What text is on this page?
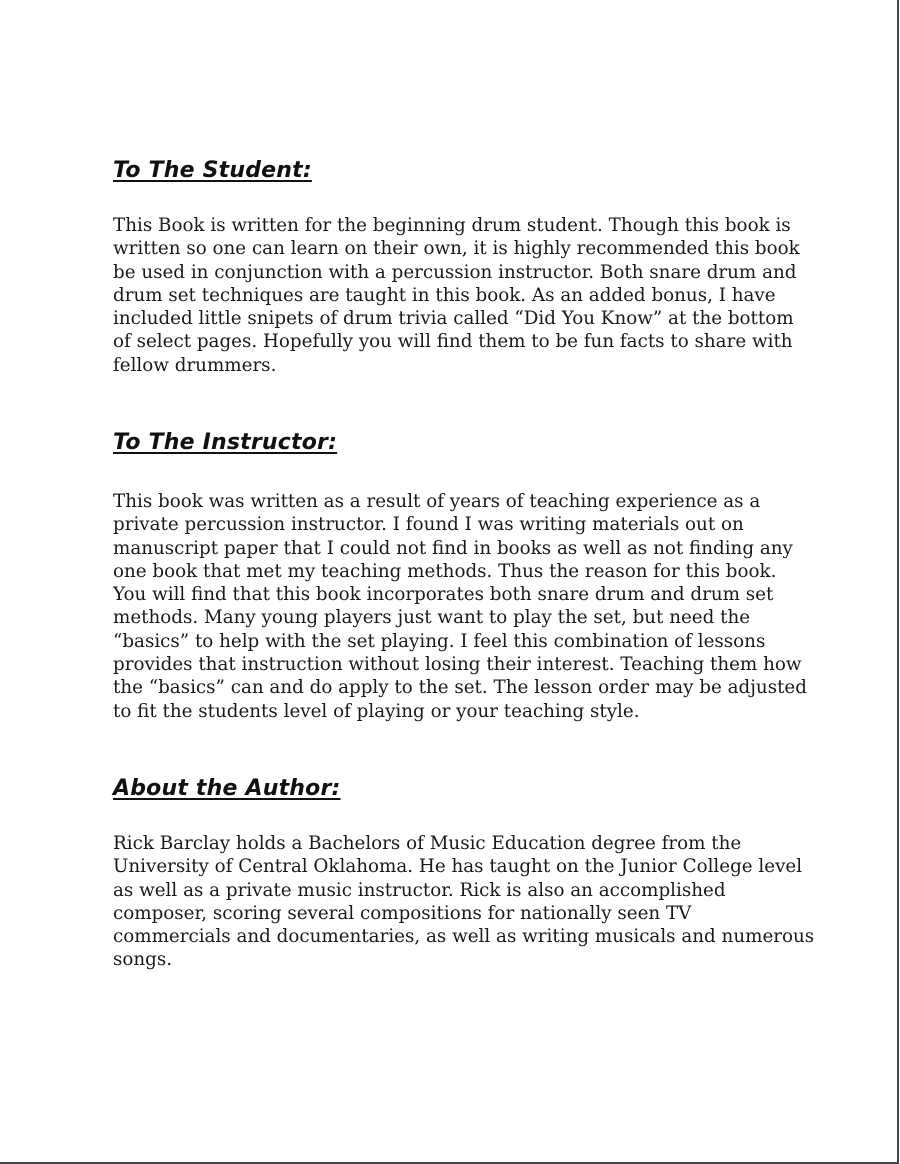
To The Student:

This Book is written for the beginning drum student. Though this book is
written so one can learn on their own, it is highly recommended this book
be used in conjunction with a percussion instructor. Both snare drum and
drum set techniques are taught in this book. As an added bonus, I have
included little snipets of drum trivia called “Did You Know” at the bottom
of select pages. Hopefully you will find them to be fun facts to share with
fellow drummers.

To The Instructor:

This book was written as a result of years of teaching experience as a
private percussion instructor. I found I was writing materials out on
manuscript paper that I could not find in books as well as not finding any
one book that met my teaching methods. Thus the reason for this book.
You will find that this book incorporates both snare drum and drum set
methods. Many young players just want to play the set, but need the
“basics” to help with the set playing. I feel this combination of lessons
provides that instruction without losing their interest. Teaching them how
the “basics” can and do apply to the set. The lesson order may be adjusted
to fit the students level of playing or your teaching style.

About the Author:

Rick Barclay holds a Bachelors of Music Education degree from the
University of Central Oklahoma. He has taught on the Junior College level
as well as a private music instructor. Rick is also an accomplished
composer, scoring several compositions for nationally seen TV
commercials and documentaries, as well as writing musicals and numerous
songs.
